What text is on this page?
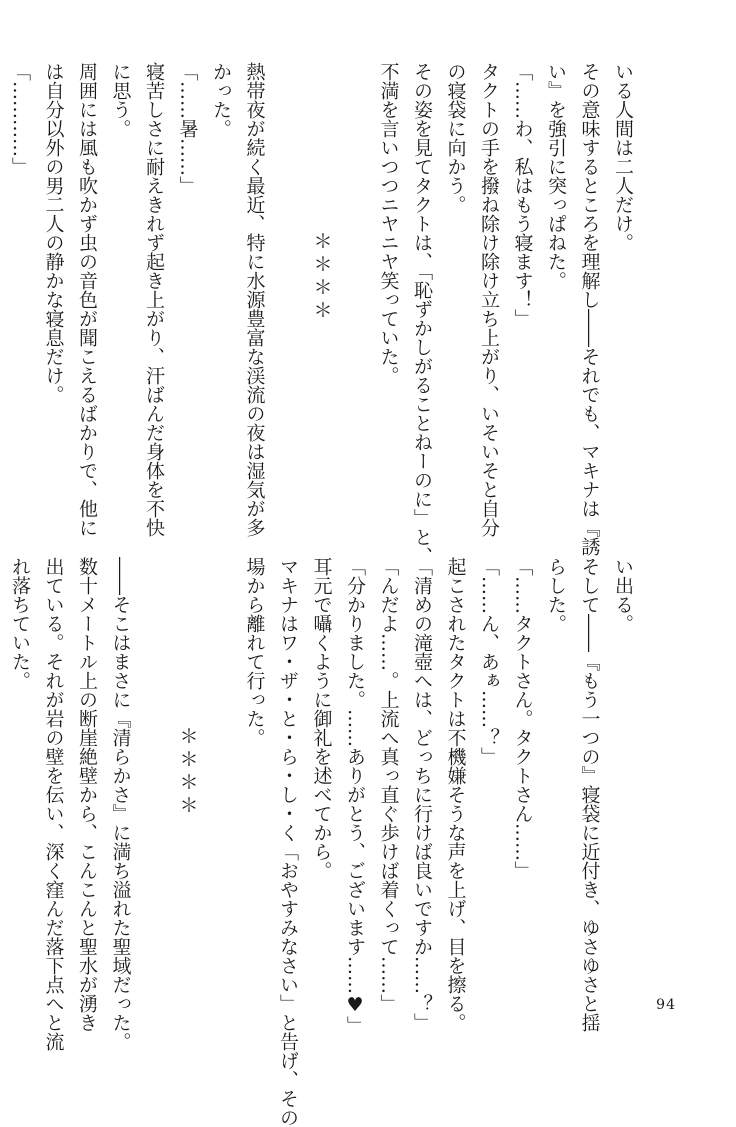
いる人間は二人だけ。
その意味するところを理解し――それでも、マキナは『誘
い』を強引に突っぱねた。
「……わ、私はもう寝ます！」
タクトの手を撥ね除け除け立ち上がり、いそいそと自分
の寝袋に向かう。
その姿を見てタクトは、「恥ずかしがることねーのに」と、
不満を言いつつニヤニヤ笑っていた。

＊＊＊＊

熱帯夜が続く最近、特に水源豊富な渓流の夜は湿気が多
かった。
「……暑……」
寝苦しさに耐えきれず起き上がり、汗ばんだ身体を不快
に思う。
周囲には風も吹かず虫の音色が聞こえるばかりで、他に
は自分以外の男二人の静かな寝息だけ。
「…………」
い出る。
そして――『もう一つの』寝袋に近付き、ゆさゆさと揺
らした。
「……タクトさん。タクトさん……」
「……ん、あぁ……？」
起こされたタクトは不機嫌そうな声を上げ、目を擦る。
「清めの滝壺へは、どっちに行けば良いですか……？」
「んだよ……。上流へ真っ直ぐ歩けば着くって……」
「分かりました。……ありがとう、ございます……♥」
耳元で囁くように御礼を述べてから。
マキナはワ・ザ・と・ら・し・く「おやすみなさい」と告げ、その
場から離れて行った。

＊＊＊＊

――そこはまさに『清らかさ』に満ち溢れた聖域だった。
数十メートル上の断崖絶壁から、こんこんと聖水が湧き
出ている。それが岩の壁を伝い、深く窪んだ落下点へと流
れ落ちていた。
94
